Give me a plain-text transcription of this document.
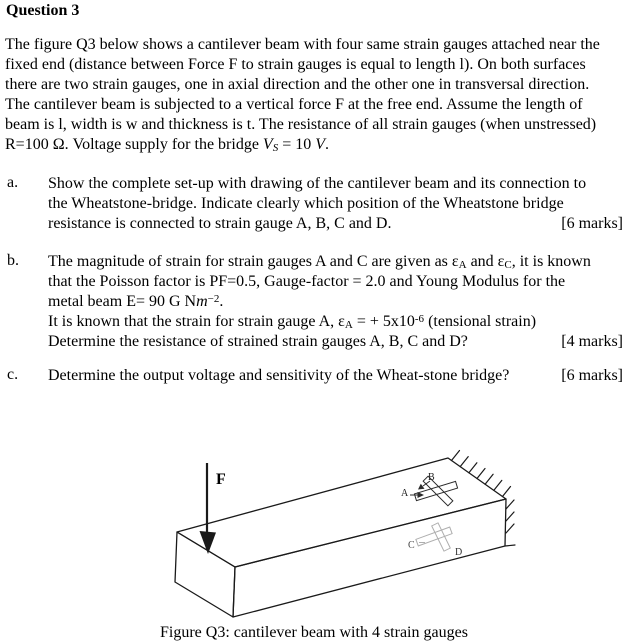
Question 3
The figure Q3 below shows a cantilever beam with four same strain gauges attached near the
fixed end (distance between Force F to strain gauges is equal to length l). On both surfaces
there are two strain gauges, one in axial direction and the other one in transversal direction.
The cantilever beam is subjected to a vertical force F at the free end. Assume the length of
beam is l, width is w and thickness is t. The resistance of all strain gauges (when unstressed)
R=100 Ω. Voltage supply for the bridge $V_S = 10$ V.
a. Show the complete set-up with drawing of the cantilever beam and its connection to
the Wheatstone-bridge. Indicate clearly which position of the Wheatstone bridge
resistance is connected to strain gauge A, B, C and D.	[6 marks]
b. The magnitude of strain for strain gauges A and C are given as $\varepsilon_A$ and $\varepsilon_C$, it is known
that the Poisson factor is PF=0.5, Gauge-factor = 2.0 and Young Modulus for the
metal beam E= 90 G $Nm^{-2}$.
It is known that the strain for strain gauge A, $\varepsilon_A$ = + $5x10^{-6}$ (tensional strain)
Determine the resistance of strained strain gauges A, B, C and D?	[4 marks]
c. Determine the output voltage and sensitivity of the Wheat-stone bridge?	[6 marks]
F
A
B
C
D
Figure Q3: cantilever beam with 4 strain gauges
